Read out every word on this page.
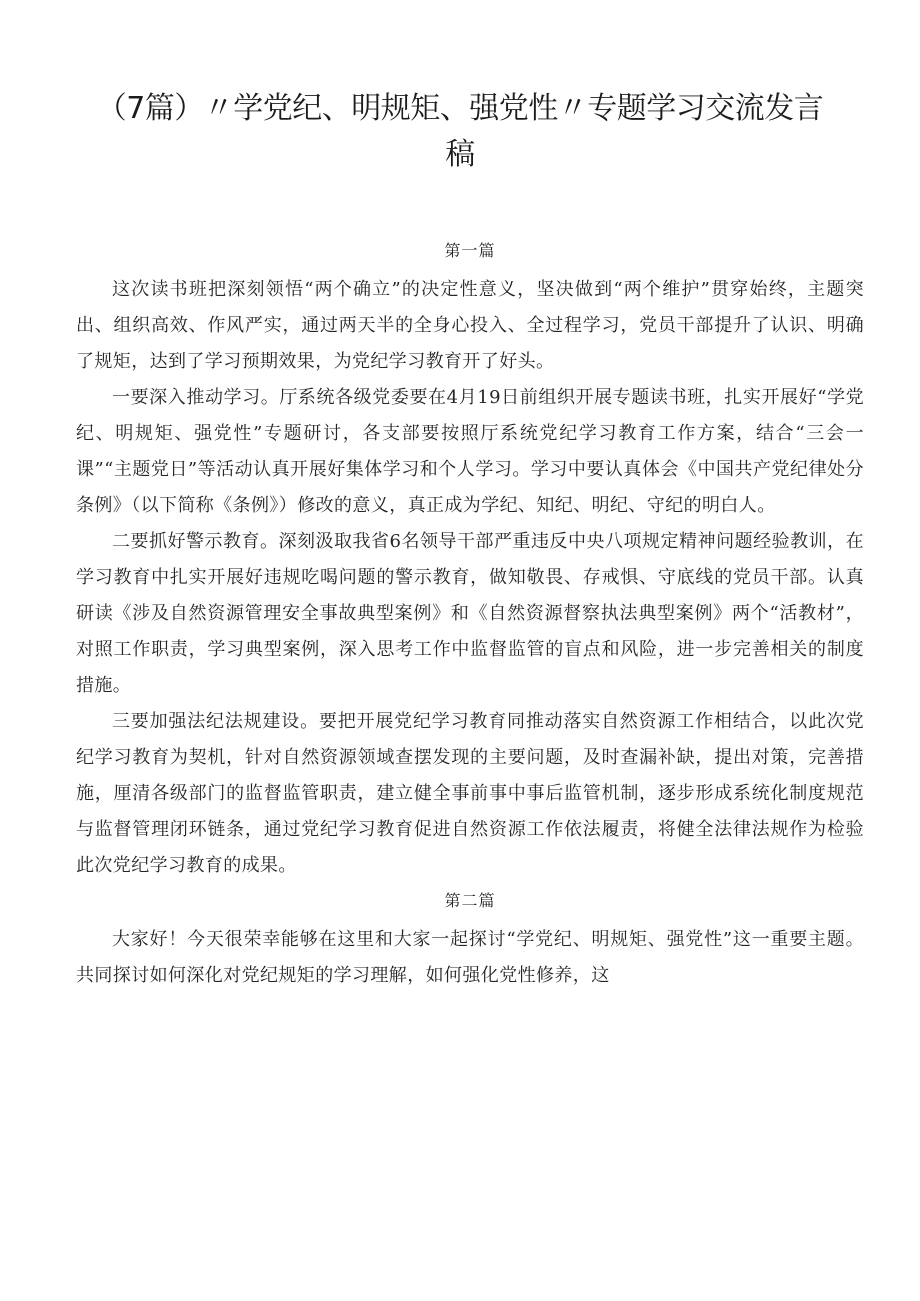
（7篇）〃学党纪、明规矩、强党性〃专题学习交流发言稿
第一篇

这次读书班把深刻领悟“两个确立”的决定性意义，坚决做到“两个维护”贯穿始终，主题突出、组织高效、作风严实，通过两天半的全身心投入、全过程学习，党员干部提升了认识、明确了规矩，达到了学习预期效果，为党纪学习教育开了好头。

一要深入推动学习。厅系统各级党委要在4月19日前组织开展专题读书班，扎实开展好“学党纪、明规矩、强党性”专题研讨，各支部要按照厅系统党纪学习教育工作方案，结合“三会一课”“主题党日”等活动认真开展好集体学习和个人学习。学习中要认真体会《中国共产党纪律处分条例》（以下简称《条例》）修改的意义，真正成为学纪、知纪、明纪、守纪的明白人。

二要抓好警示教育。深刻汲取我省6名领导干部严重违反中央八项规定精神问题经验教训，在学习教育中扎实开展好违规吃喝问题的警示教育，做知敬畏、存戒惧、守底线的党员干部。认真研读《涉及自然资源管理安全事故典型案例》和《自然资源督察执法典型案例》两个“活教材”，对照工作职责，学习典型案例，深入思考工作中监督监管的盲点和风险，进一步完善相关的制度措施。

三要加强法纪法规建设。要把开展党纪学习教育同推动落实自然资源工作相结合，以此次党纪学习教育为契机，针对自然资源领域查摆发现的主要问题，及时查漏补缺，提出对策，完善措施，厘清各级部门的监督监管职责，建立健全事前事中事后监管机制，逐步形成系统化制度规范与监督管理闭环链条，通过党纪学习教育促进自然资源工作依法履责，将健全法律法规作为检验此次党纪学习教育的成果。

第二篇

大家好！今天很荣幸能够在这里和大家一起探讨“学党纪、明规矩、强党性”这一重要主题。共同探讨如何深化对党纪规矩的学习理解，如何强化党性修养，这
